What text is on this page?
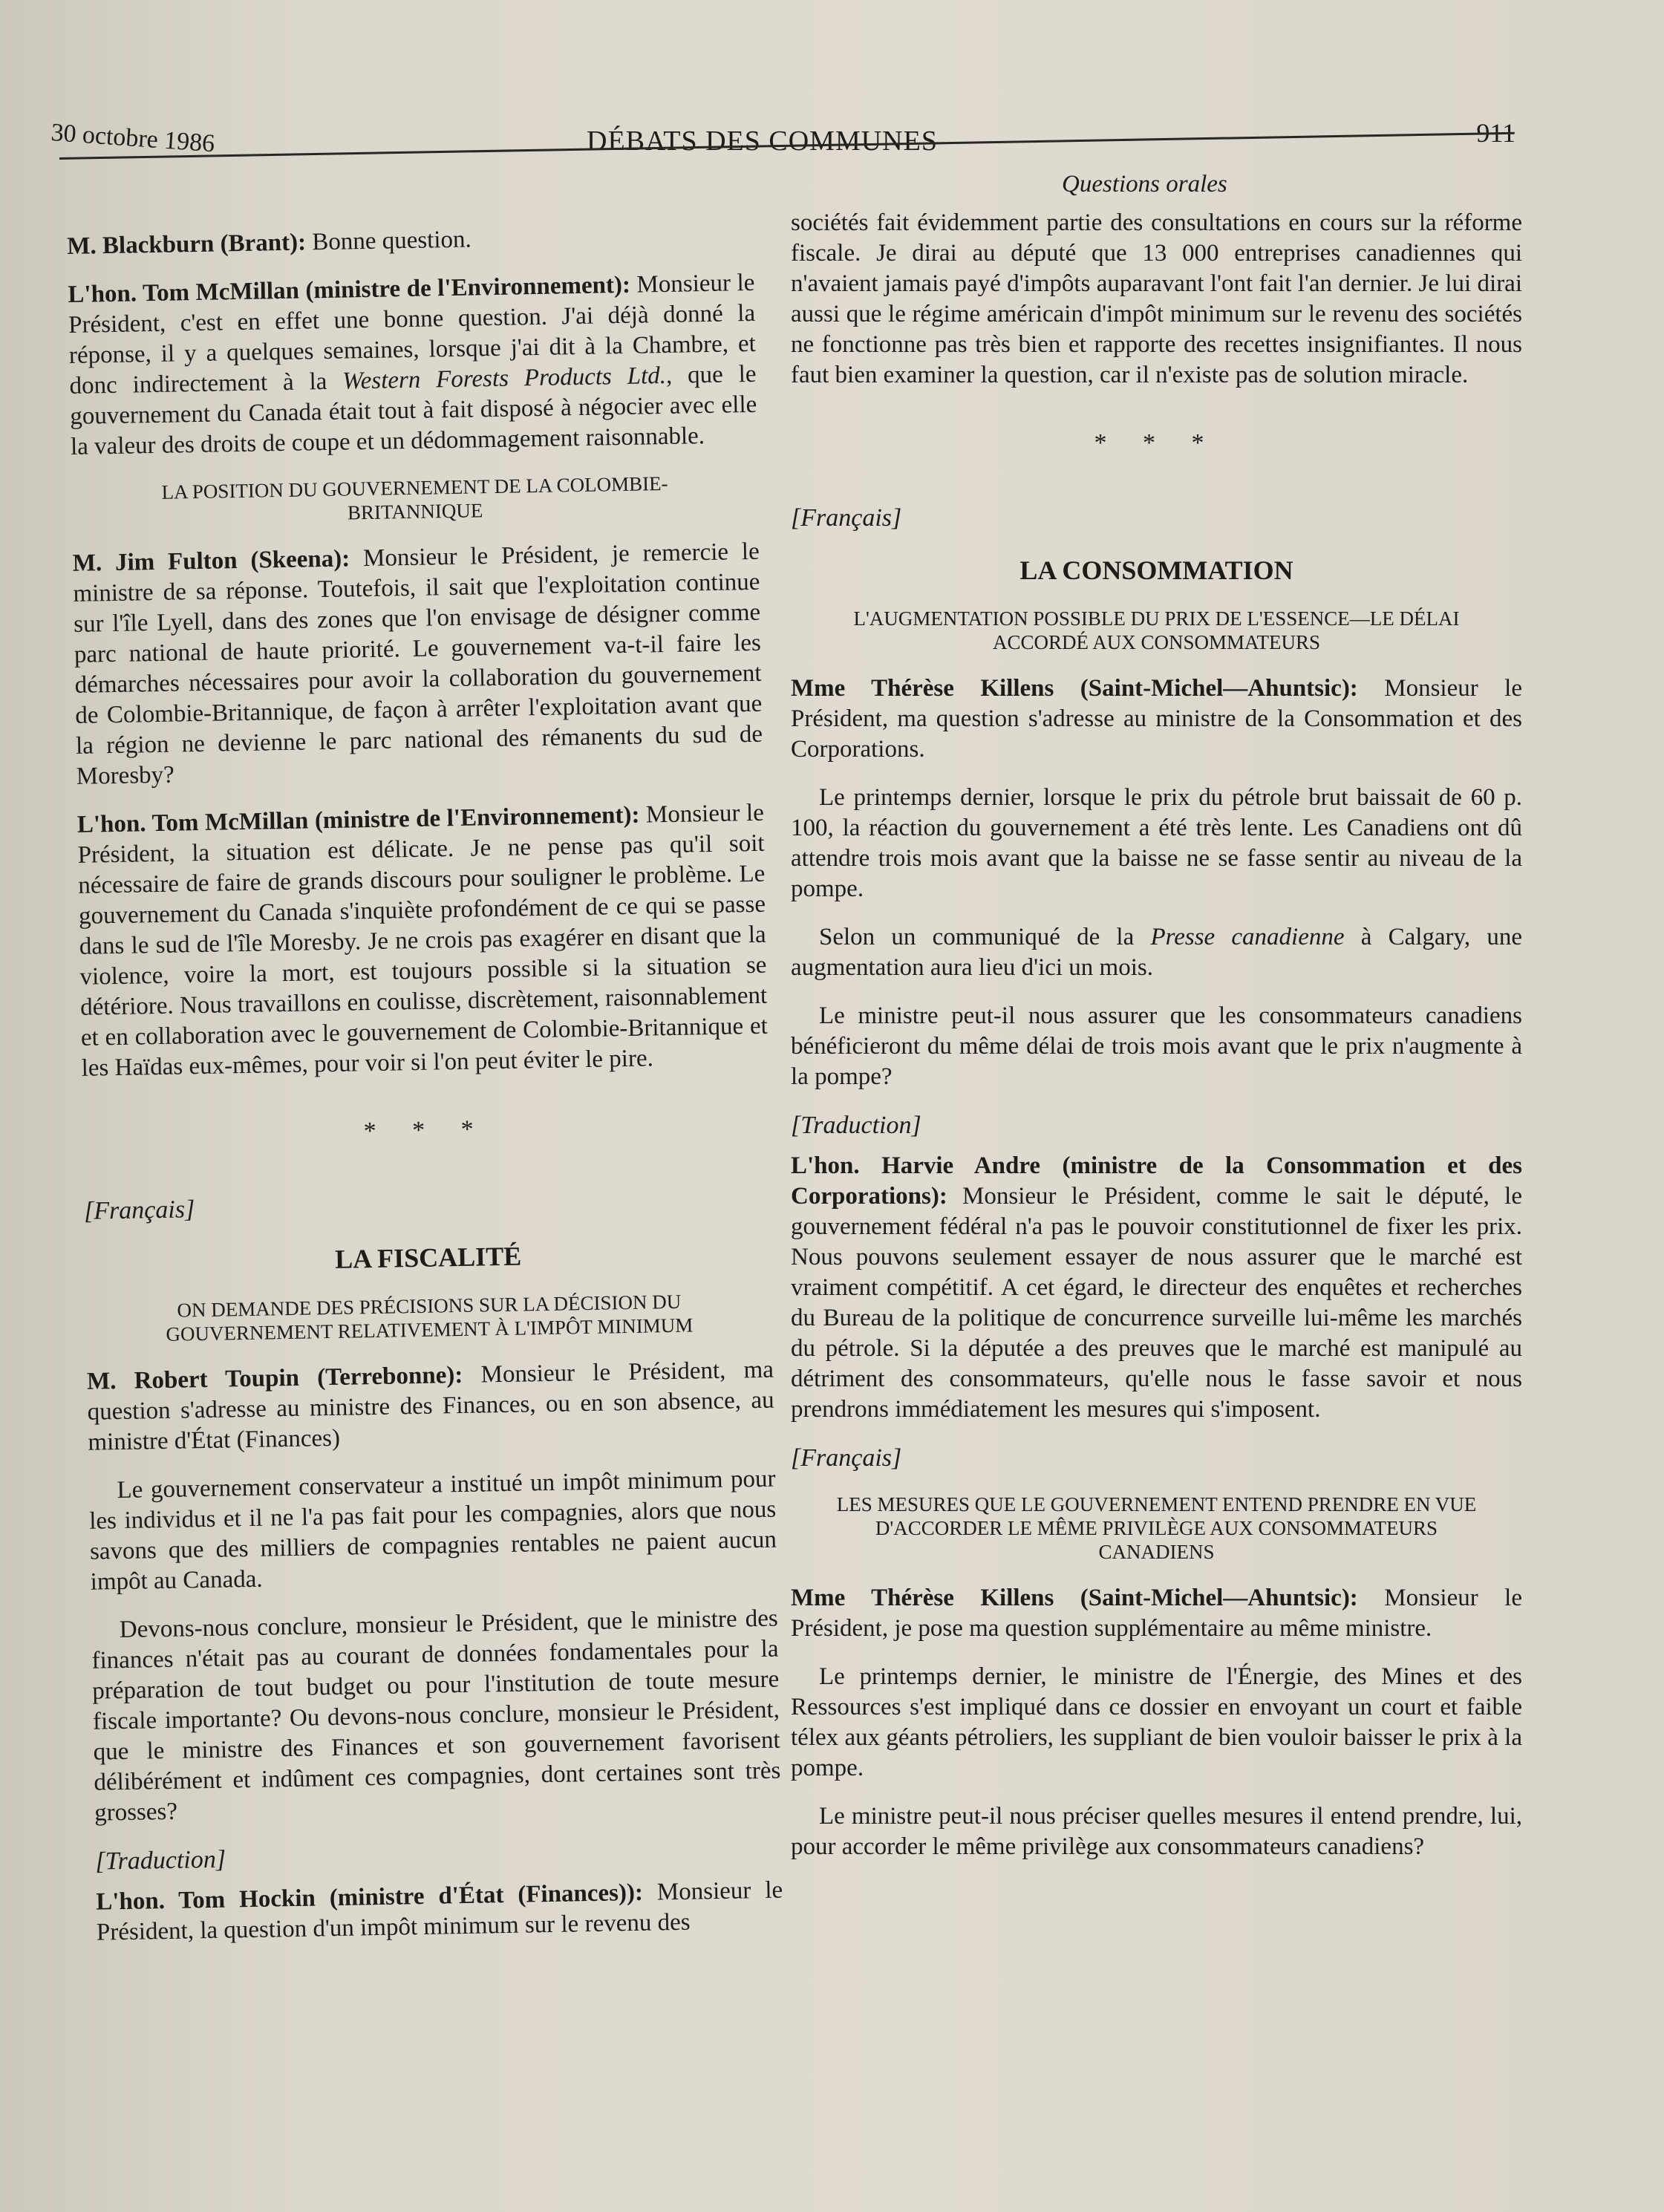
30 octobre 1986	DÉBATS DES COMMUNES	911
Questions orales

M. Blackburn (Brant): Bonne question.

L'hon. Tom McMillan (ministre de l'Environnement): Monsieur le Président, c'est en effet une bonne question. J'ai déjà donné la réponse, il y a quelques semaines, lorsque j'ai dit à la Chambre, et donc indirectement à la Western Forests Products Ltd., que le gouvernement du Canada était tout à fait disposé à négocier avec elle la valeur des droits de coupe et un dédommagement raisonnable.

LA POSITION DU GOUVERNEMENT DE LA COLOMBIE-BRITANNIQUE

M. Jim Fulton (Skeena): Monsieur le Président, je remercie le ministre de sa réponse. Toutefois, il sait que l'exploitation continue sur l'île Lyell, dans des zones que l'on envisage de désigner comme parc national de haute priorité. Le gouvernement va-t-il faire les démarches nécessaires pour avoir la collaboration du gouvernement de Colombie-Britannique, de façon à arrêter l'exploitation avant que la région ne devienne le parc national des rémanents du sud de Moresby?

L'hon. Tom McMillan (ministre de l'Environnement): Monsieur le Président, la situation est délicate. Je ne pense pas qu'il soit nécessaire de faire de grands discours pour souligner le problème. Le gouvernement du Canada s'inquiète profondément de ce qui se passe dans le sud de l'île Moresby. Je ne crois pas exagérer en disant que la violence, voire la mort, est toujours possible si la situation se détériore. Nous travaillons en coulisse, discrètement, raisonnablement et en collaboration avec le gouvernement de Colombie-Britannique et les Haïdas eux-mêmes, pour voir si l'on peut éviter le pire.

* * *
[Français]
LA FISCALITÉ
ON DEMANDE DES PRÉCISIONS SUR LA DÉCISION DU GOUVERNEMENT RELATIVEMENT À L'IMPÔT MINIMUM

M. Robert Toupin (Terrebonne): Monsieur le Président, ma question s'adresse au ministre des Finances, ou en son absence, au ministre d'État (Finances)

Le gouvernement conservateur a institué un impôt minimum pour les individus et il ne l'a pas fait pour les compagnies, alors que nous savons que des milliers de compagnies rentables ne paient aucun impôt au Canada.

Devons-nous conclure, monsieur le Président, que le ministre des finances n'était pas au courant de données fondamentales pour la préparation de tout budget ou pour l'institution de toute mesure fiscale importante? Ou devons-nous conclure, monsieur le Président, que le ministre des Finances et son gouvernement favorisent délibérément et indûment ces compagnies, dont certaines sont très grosses?

[Traduction]

L'hon. Tom Hockin (ministre d'État (Finances)): Monsieur le Président, la question d'un impôt minimum sur le revenu des

sociétés fait évidemment partie des consultations en cours sur la réforme fiscale. Je dirai au député que 13 000 entreprises canadiennes qui n'avaient jamais payé d'impôts auparavant l'ont fait l'an dernier. Je lui dirai aussi que le régime américain d'impôt minimum sur le revenu des sociétés ne fonctionne pas très bien et rapporte des recettes insignifiantes. Il nous faut bien examiner la question, car il n'existe pas de solution miracle.

* * *
[Français]
LA CONSOMMATION
L'AUGMENTATION POSSIBLE DU PRIX DE L'ESSENCE—LE DÉLAI ACCORDÉ AUX CONSOMMATEURS

Mme Thérèse Killens (Saint-Michel—Ahuntsic): Monsieur le Président, ma question s'adresse au ministre de la Consommation et des Corporations.

Le printemps dernier, lorsque le prix du pétrole brut baissait de 60 p. 100, la réaction du gouvernement a été très lente. Les Canadiens ont dû attendre trois mois avant que la baisse ne se fasse sentir au niveau de la pompe.

Selon un communiqué de la Presse canadienne à Calgary, une augmentation aura lieu d'ici un mois.

Le ministre peut-il nous assurer que les consommateurs canadiens bénéficieront du même délai de trois mois avant que le prix n'augmente à la pompe?

[Traduction]

L'hon. Harvie Andre (ministre de la Consommation et des Corporations): Monsieur le Président, comme le sait le député, le gouvernement fédéral n'a pas le pouvoir constitutionnel de fixer les prix. Nous pouvons seulement essayer de nous assurer que le marché est vraiment compétitif. A cet égard, le directeur des enquêtes et recherches du Bureau de la politique de concurrence surveille lui-même les marchés du pétrole. Si la députée a des preuves que le marché est manipulé au détriment des consommateurs, qu'elle nous le fasse savoir et nous prendrons immédiatement les mesures qui s'imposent.

[Français]
LES MESURES QUE LE GOUVERNEMENT ENTEND PRENDRE EN VUE D'ACCORDER LE MÊME PRIVILÈGE AUX CONSOMMATEURS CANADIENS

Mme Thérèse Killens (Saint-Michel—Ahuntsic): Monsieur le Président, je pose ma question supplémentaire au même ministre.

Le printemps dernier, le ministre de l'Énergie, des Mines et des Ressources s'est impliqué dans ce dossier en envoyant un court et faible télex aux géants pétroliers, les suppliant de bien vouloir baisser le prix à la pompe.

Le ministre peut-il nous préciser quelles mesures il entend prendre, lui, pour accorder le même privilège aux consommateurs canadiens?
